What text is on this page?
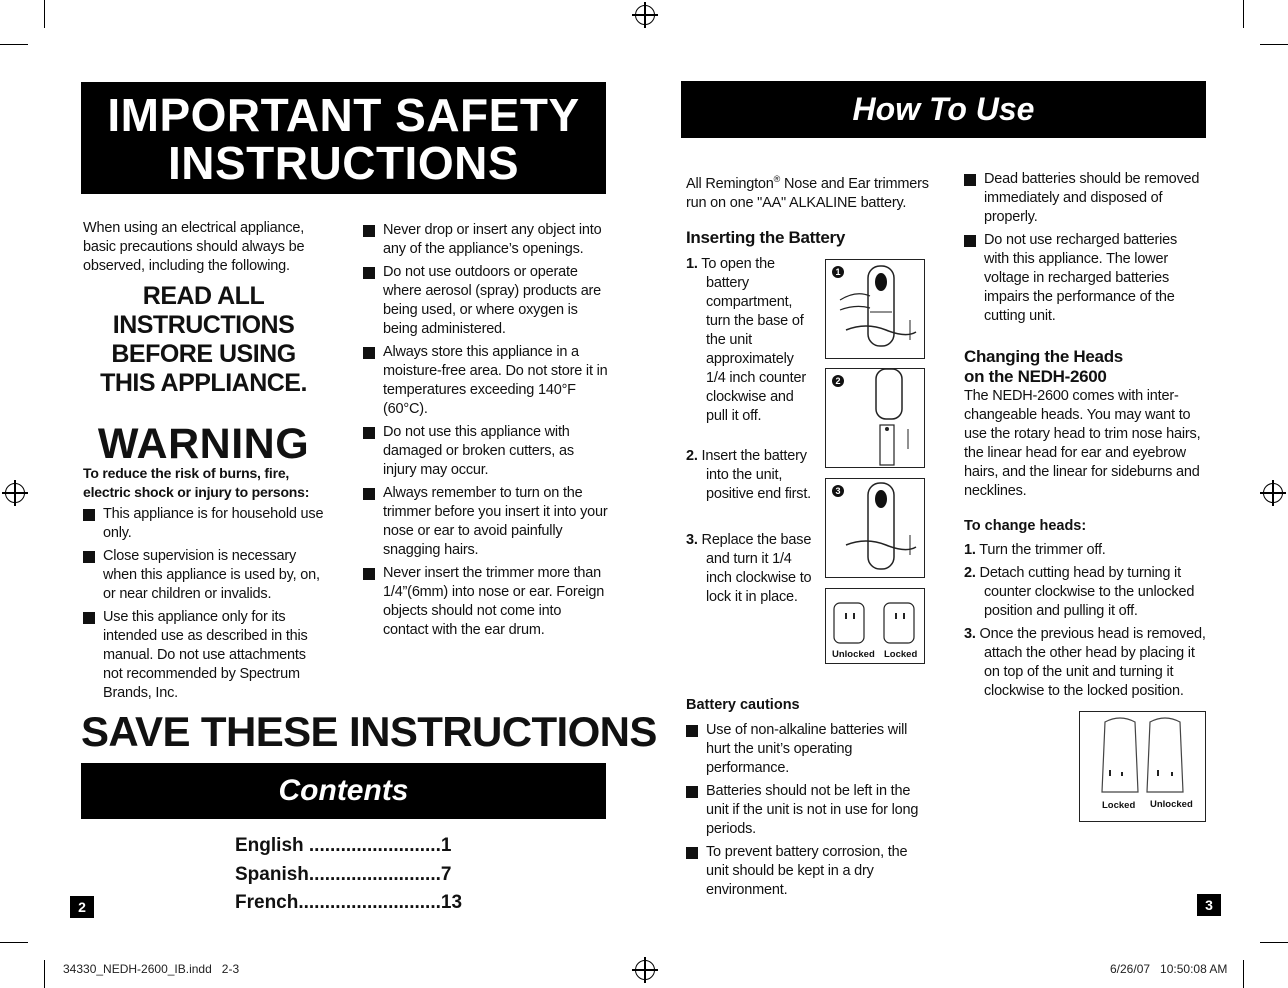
IMPORTANT SAFETY
INSTRUCTIONS
When using an electrical appliance, basic precautions should always be observed, including the following.
READ ALL INSTRUCTIONS BEFORE USING THIS APPLIANCE.
WARNING
To reduce the risk of burns, fire, electric shock or injury to persons:
This appliance is for household use only.
Close supervision is necessary when this appliance is used by, on, or near children or invalids.
Use this appliance only for its intended use as described in this manual. Do not use attachments not recommended by Spectrum Brands, Inc.
Never drop or insert any object into any of the appliance’s openings.
Do not use outdoors or operate where aerosol (spray) products are being used, or where oxygen is being administered.
Always store this appliance in a moisture-free area. Do not store it in temperatures exceeding 140°F (60°C).
Do not use this appliance with damaged or broken cutters, as injury may occur.
Always remember to turn on the trimmer before you insert it into your nose or ear to avoid painfully snagging hairs.
Never insert the trimmer more than 1/4”(6mm) into nose or ear. Foreign objects should not come into contact with the ear drum.
SAVE THESE INSTRUCTIONS
Contents
English .........................1
Spanish.........................7
French...........................13
2
How To Use
All Remington® Nose and Ear trimmers run on one "AA" ALKALINE battery.
Inserting the Battery
1. To open the battery compartment, turn the base of the unit approximately 1/4 inch counter clockwise and pull it off.
2. Insert the battery into the unit, positive end first.
3. Replace the base and turn it 1/4 inch clockwise to lock it in place.
1
2
3
Unlocked Locked
Battery cautions
Use of non-alkaline batteries will hurt the unit’s operating performance.
Batteries should not be left in the unit if the unit is not in use for long periods.
To prevent battery corrosion, the unit should be kept in a dry environment.
Dead batteries should be removed immediately and disposed of properly.
Do not use recharged batteries with this appliance. The lower voltage in recharged batteries impairs the performance of the cutting unit.
Changing the Heads
on the NEDH-2600
The NEDH-2600 comes with inter-changeable heads. You may want to use the rotary head to trim nose hairs, the linear head for ear and eyebrow hairs, and the linear for sideburns and necklines.
To change heads:
1. Turn the trimmer off.
2. Detach cutting head by turning it counter clockwise to the unlocked position and pulling it off.
3. Once the previous head is removed, attach the other head by placing it on top of the unit and turning it clockwise to the locked position.
Locked Unlocked
3
34330_NEDH-2600_IB.indd   2-3	6/26/07   10:50:08 AM
